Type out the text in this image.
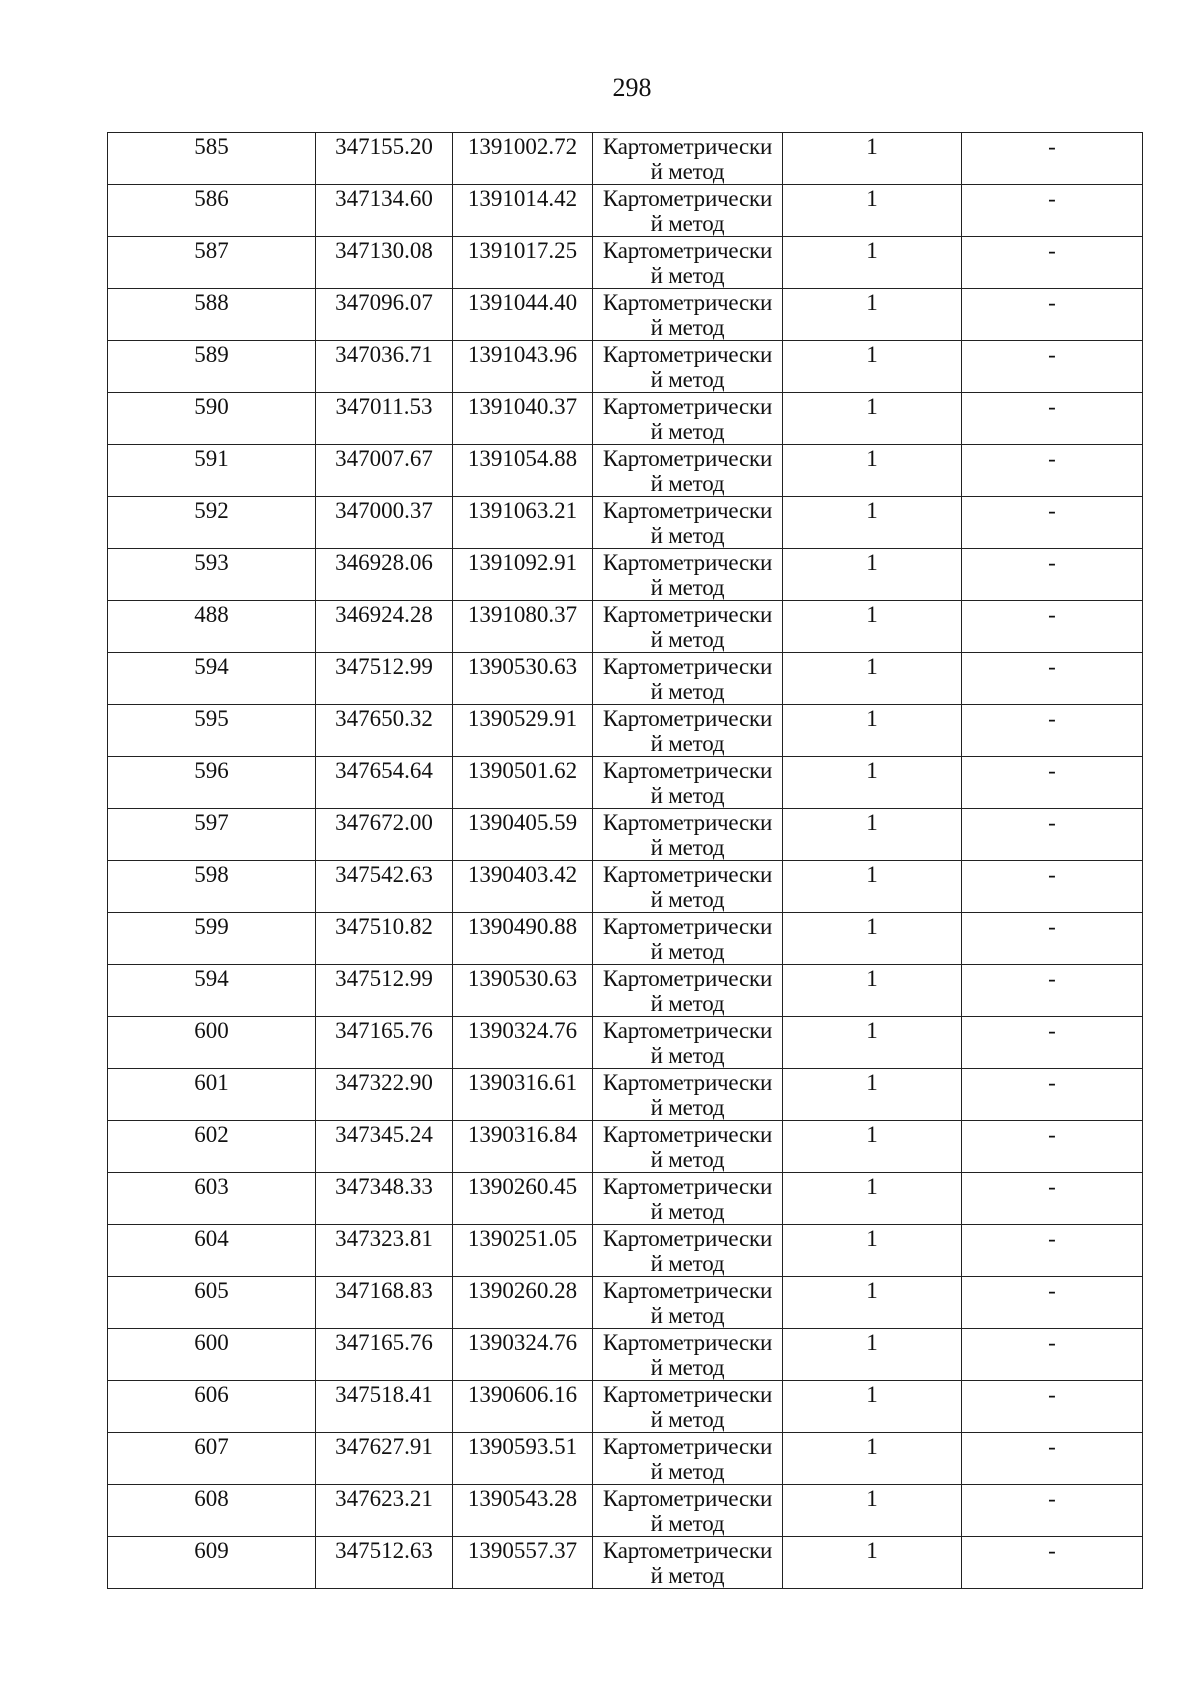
298
585	347155.20	1391002.72	Картометрически
й метод	1	-
586	347134.60	1391014.42	Картометрически
й метод	1	-
587	347130.08	1391017.25	Картометрически
й метод	1	-
588	347096.07	1391044.40	Картометрически
й метод	1	-
589	347036.71	1391043.96	Картометрически
й метод	1	-
590	347011.53	1391040.37	Картометрически
й метод	1	-
591	347007.67	1391054.88	Картометрически
й метод	1	-
592	347000.37	1391063.21	Картометрически
й метод	1	-
593	346928.06	1391092.91	Картометрически
й метод	1	-
488	346924.28	1391080.37	Картометрически
й метод	1	-
594	347512.99	1390530.63	Картометрически
й метод	1	-
595	347650.32	1390529.91	Картометрически
й метод	1	-
596	347654.64	1390501.62	Картометрически
й метод	1	-
597	347672.00	1390405.59	Картометрически
й метод	1	-
598	347542.63	1390403.42	Картометрически
й метод	1	-
599	347510.82	1390490.88	Картометрически
й метод	1	-
594	347512.99	1390530.63	Картометрически
й метод	1	-
600	347165.76	1390324.76	Картометрически
й метод	1	-
601	347322.90	1390316.61	Картометрически
й метод	1	-
602	347345.24	1390316.84	Картометрически
й метод	1	-
603	347348.33	1390260.45	Картометрически
й метод	1	-
604	347323.81	1390251.05	Картометрически
й метод	1	-
605	347168.83	1390260.28	Картометрически
й метод	1	-
600	347165.76	1390324.76	Картометрически
й метод	1	-
606	347518.41	1390606.16	Картометрически
й метод	1	-
607	347627.91	1390593.51	Картометрически
й метод	1	-
608	347623.21	1390543.28	Картометрически
й метод	1	-
609	347512.63	1390557.37	Картометрически
й метод	1	-
